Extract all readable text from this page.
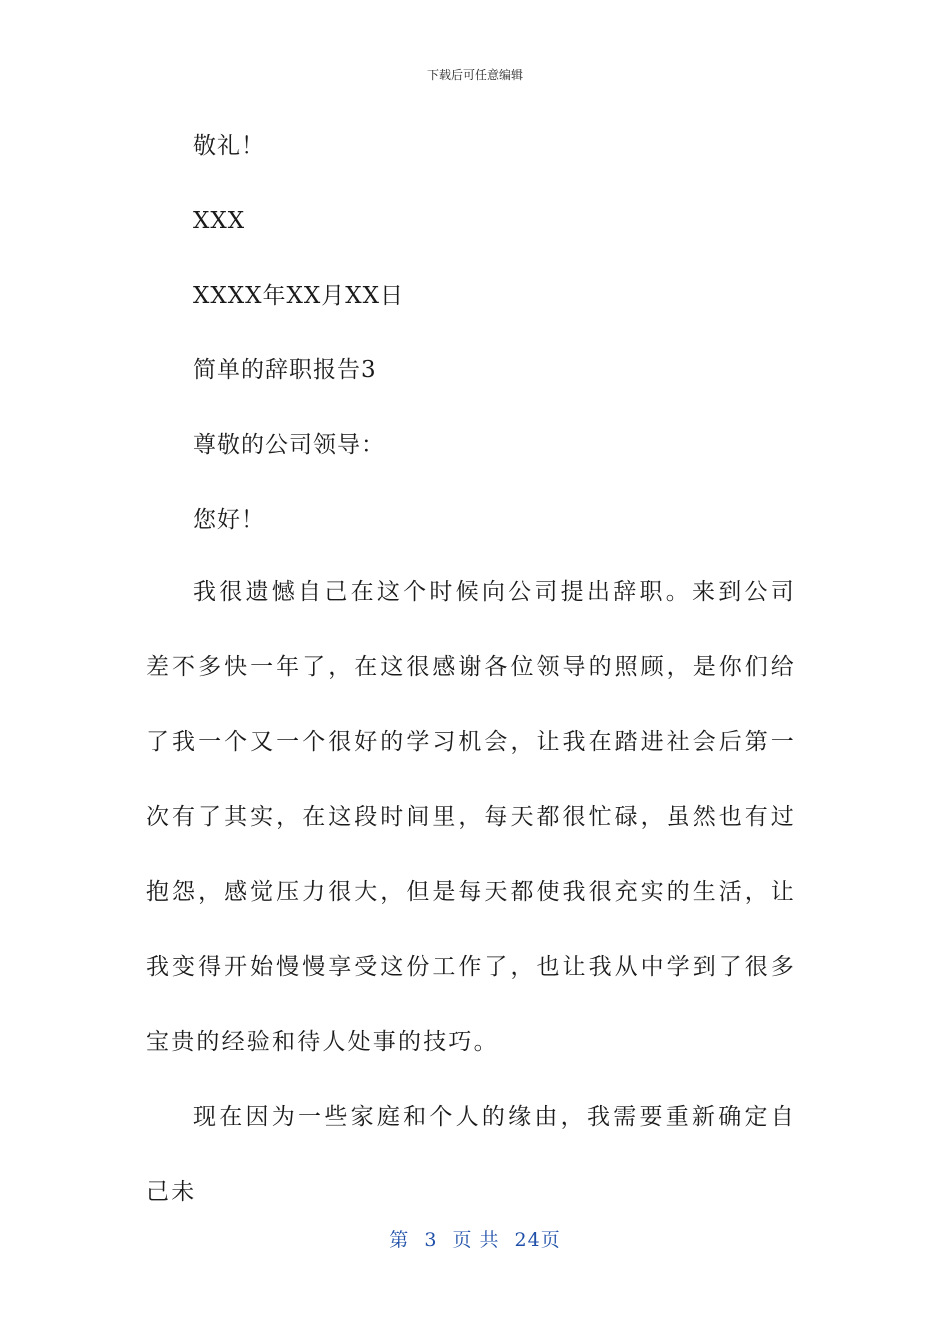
下载后可任意编辑
敬礼！
XXX
XXXX年XX月XX日
简单的辞职报告3
尊敬的公司领导：
您好！

我很遗憾自己在这个时候向公司提出辞职。来到公司差不多快一年了，在这很感谢各位领导的照顾，是你们给了我一个又一个很好的学习机会，让我在踏进社会后第一次有了其实，在这段时间里，每天都很忙碌，虽然也有过抱怨，感觉压力很大，但是每天都使我很充实的生活，让我变得开始慢慢享受这份工作了，也让我从中学到了很多宝贵的经验和待人处事的技巧。

现在因为一些家庭和个人的缘由，我需要重新确定自己未

第 3 页 共 24页
